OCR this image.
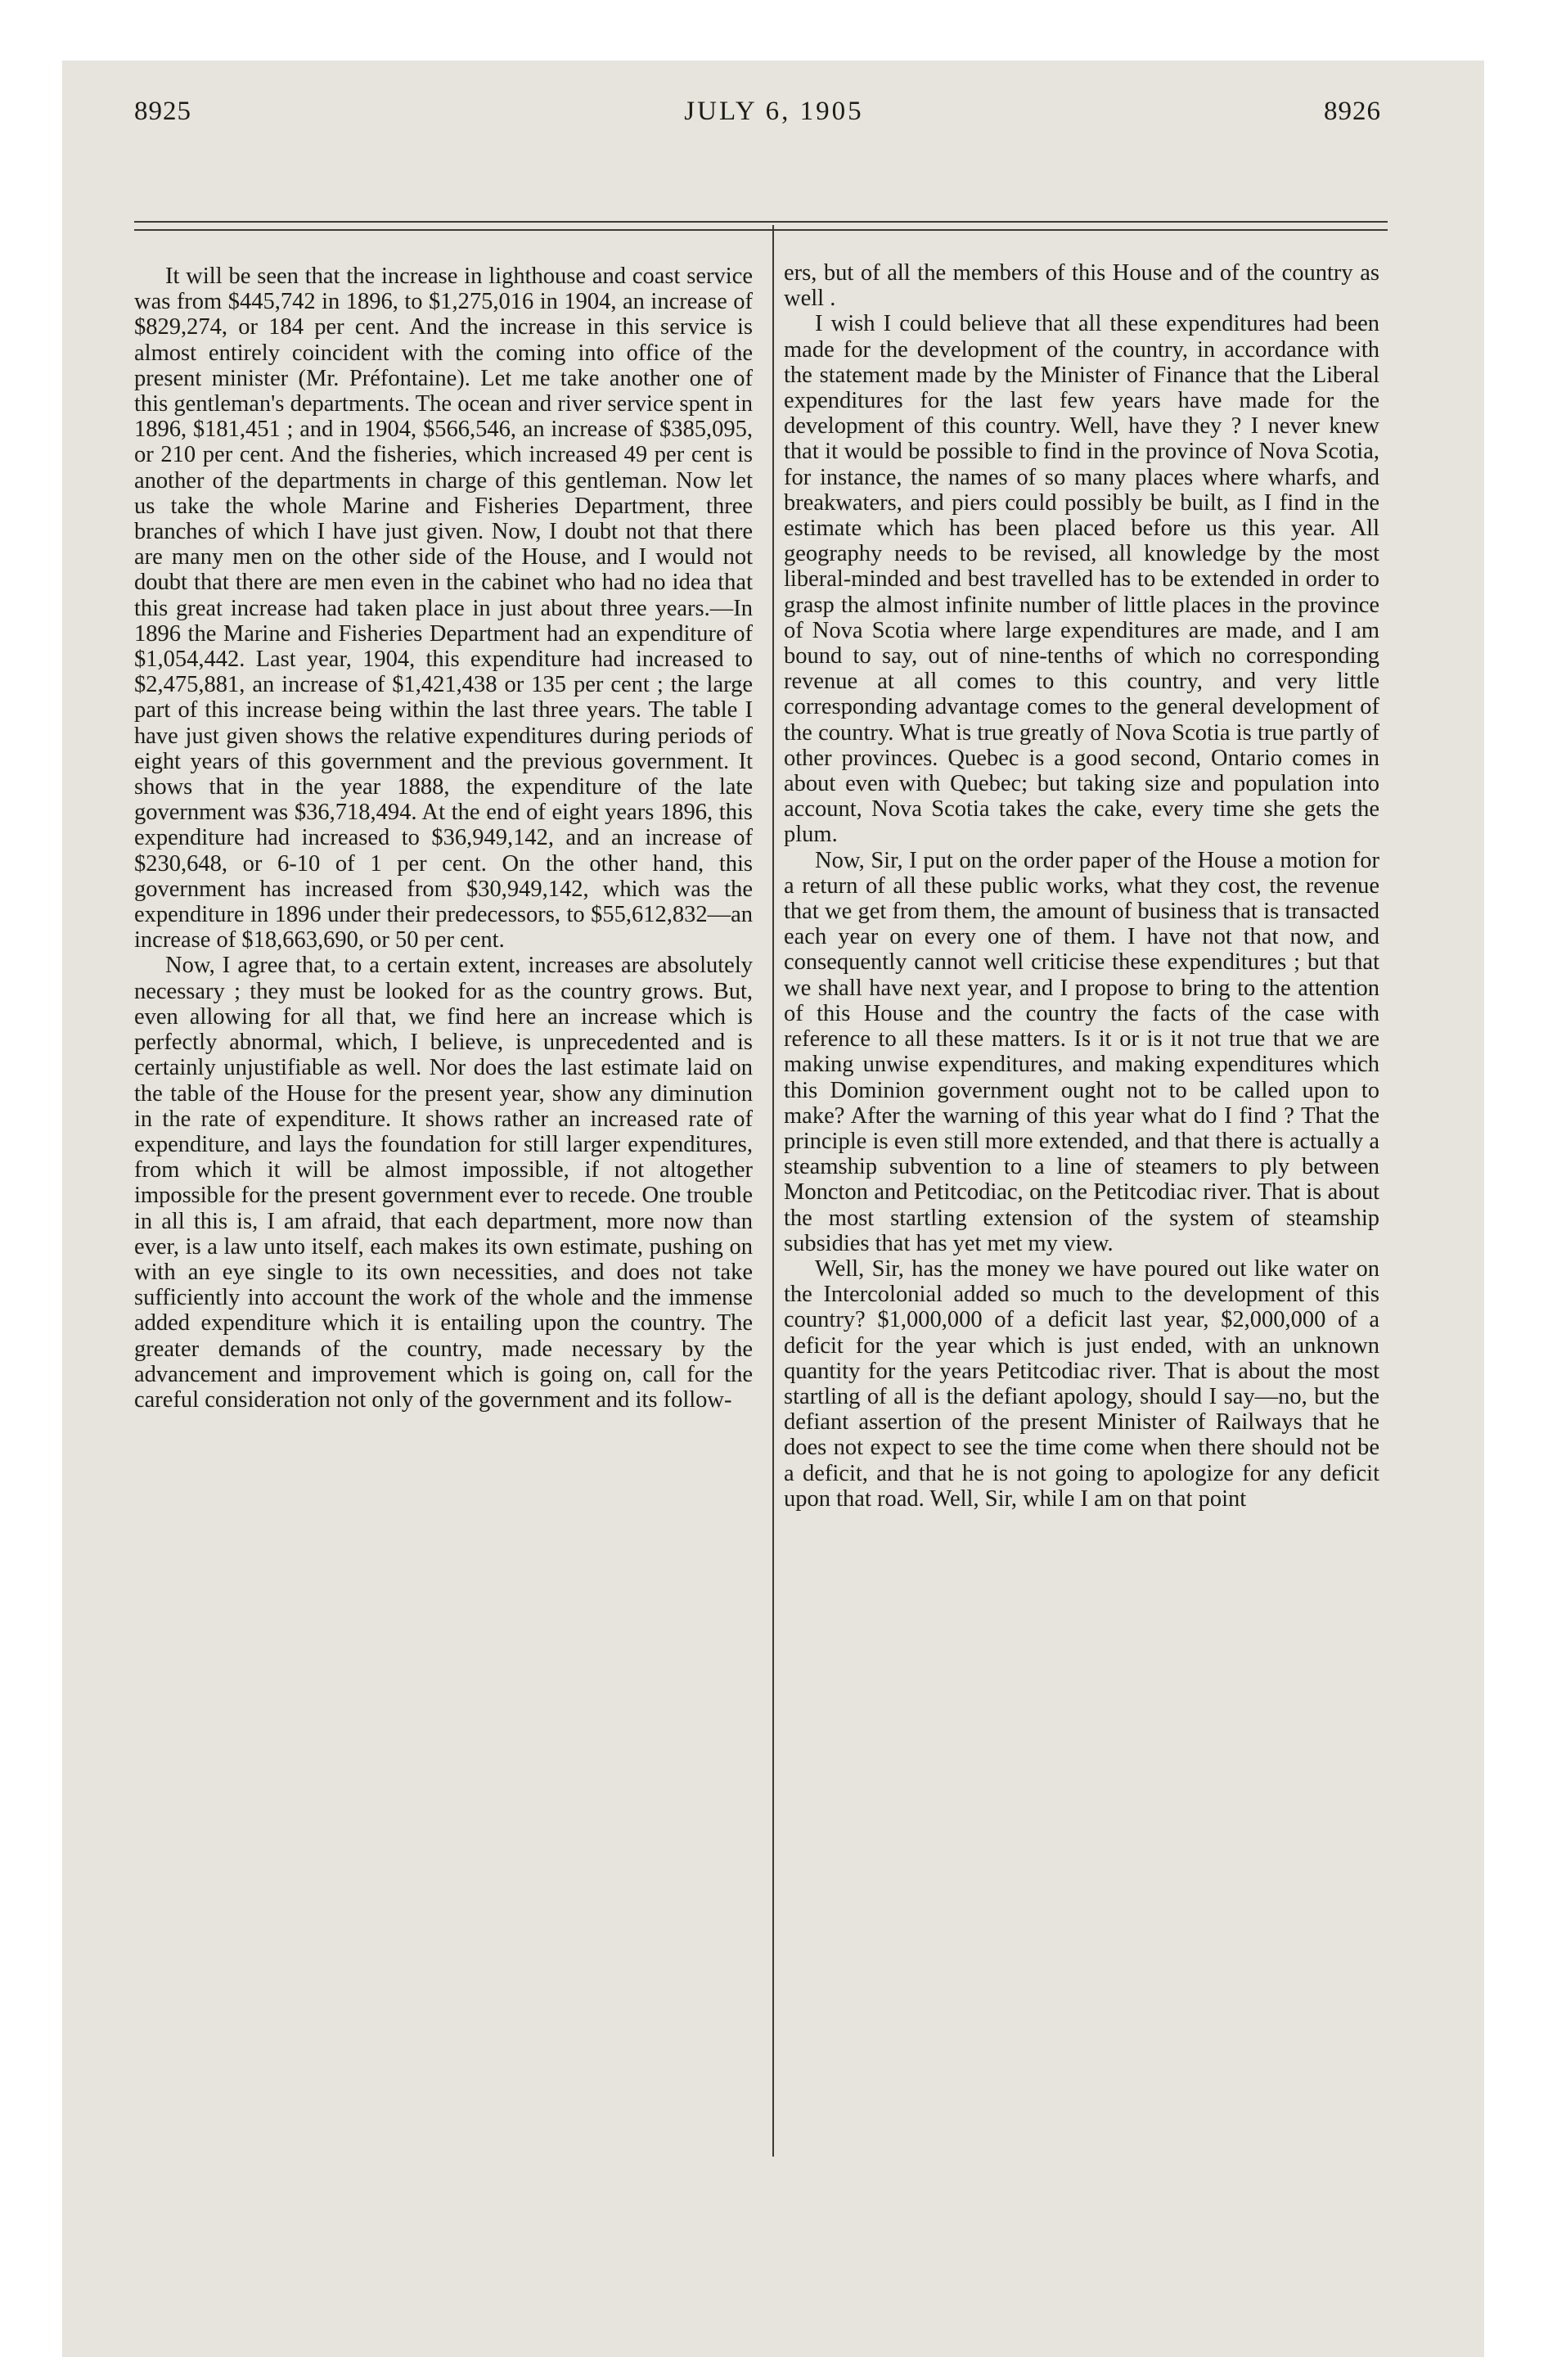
JULY 6, 1905
8925	8926

It will be seen that the increase in lighthouse and coast service was from $445,742 in 1896, to $1,275,016 in 1904, an increase of $829,274, or 184 per cent. And the increase in this service is almost entirely coincident with the coming into office of the present minister (Mr. Préfontaine). Let me take another one of this gentleman's departments. The ocean and river service spent in 1896, $181,451 ; and in 1904, $566,546, an increase of $385,095, or 210 per cent. And the fisheries, which increased 49 per cent is another of the departments in charge of this gentleman. Now let us take the whole Marine and Fisheries Department, three branches of which I have just given. Now, I doubt not that there are many men on the other side of the House, and I would not doubt that there are men even in the cabinet who had no idea that this great increase had taken place in just about three years.—In 1896 the Marine and Fisheries Department had an expenditure of $1,054,442. Last year, 1904, this expenditure had increased to $2,475,881, an increase of $1,421,438 or 135 per cent ; the large part of this increase being within the last three years. The table I have just given shows the relative expenditures during periods of eight years of this government and the previous government. It shows that in the year 1888, the expenditure of the late government was $36,718,494. At the end of eight years 1896, this expenditure had increased to $36,949,142, and an increase of $230,648, or 6-10 of 1 per cent. On the other hand, this government has increased from $30,949,142, which was the expenditure in 1896 under their predecessors, to $55,612,832—an increase of $18,663,690, or 50 per cent.

Now, I agree that, to a certain extent, increases are absolutely necessary ; they must be looked for as the country grows. But, even allowing for all that, we find here an increase which is perfectly abnormal, which, I believe, is unprecedented and is certainly unjustifiable as well. Nor does the last estimate laid on the table of the House for the present year, show any diminution in the rate of expenditure. It shows rather an increased rate of expenditure, and lays the foundation for still larger expenditures, from which it will be almost impossible, if not altogether impossible for the present government ever to recede. One trouble in all this is, I am afraid, that each department, more now than ever, is a law unto itself, each makes its own estimate, pushing on with an eye single to its own necessities, and does not take sufficiently into account the work of the whole and the immense added expenditure which it is entailing upon the country. The greater demands of the country, made necessary by the advancement and improvement which is going on, call for the careful consideration not only of the government and its follow-

ers, but of all the members of this House and of the country as well .

I wish I could believe that all these expenditures had been made for the development of the country, in accordance with the statement made by the Minister of Finance that the Liberal expenditures for the last few years have made for the development of this country. Well, have they ? I never knew that it would be possible to find in the province of Nova Scotia, for instance, the names of so many places where wharfs, and breakwaters, and piers could possibly be built, as I find in the estimate which has been placed before us this year. All geography needs to be revised, all knowledge by the most liberal-minded and best travelled has to be extended in order to grasp the almost infinite number of little places in the province of Nova Scotia where large expenditures are made, and I am bound to say, out of nine-tenths of which no corresponding revenue at all comes to this country, and very little corresponding advantage comes to the general development of the country. What is true greatly of Nova Scotia is true partly of other provinces. Quebec is a good second, Ontario comes in about even with Quebec; but taking size and population into account, Nova Scotia takes the cake, every time she gets the plum.

Now, Sir, I put on the order paper of the House a motion for a return of all these public works, what they cost, the revenue that we get from them, the amount of business that is transacted each year on every one of them. I have not that now, and consequently cannot well criticise these expenditures ; but that we shall have next year, and I propose to bring to the attention of this House and the country the facts of the case with reference to all these matters. Is it or is it not true that we are making unwise expenditures, and making expenditures which this Dominion government ought not to be called upon to make? After the warning of this year what do I find ? That the principle is even still more extended, and that there is actually a steamship subvention to a line of steamers to ply between Moncton and Petitcodiac, on the Petitcodiac river. That is about the most startling extension of the system of steamship subsidies that has yet met my view.

Well, Sir, has the money we have poured out like water on the Intercolonial added so much to the development of this country? $1,000,000 of a deficit last year, $2,000,000 of a deficit for the year which is just ended, with an unknown quantity for the years Petitcodiac river. That is about the most startling of all is the defiant apology, should I say—no, but the defiant assertion of the present Minister of Railways that he does not expect to see the time come when there should not be a deficit, and that he is not going to apologize for any deficit upon that road. Well, Sir, while I am on that point
